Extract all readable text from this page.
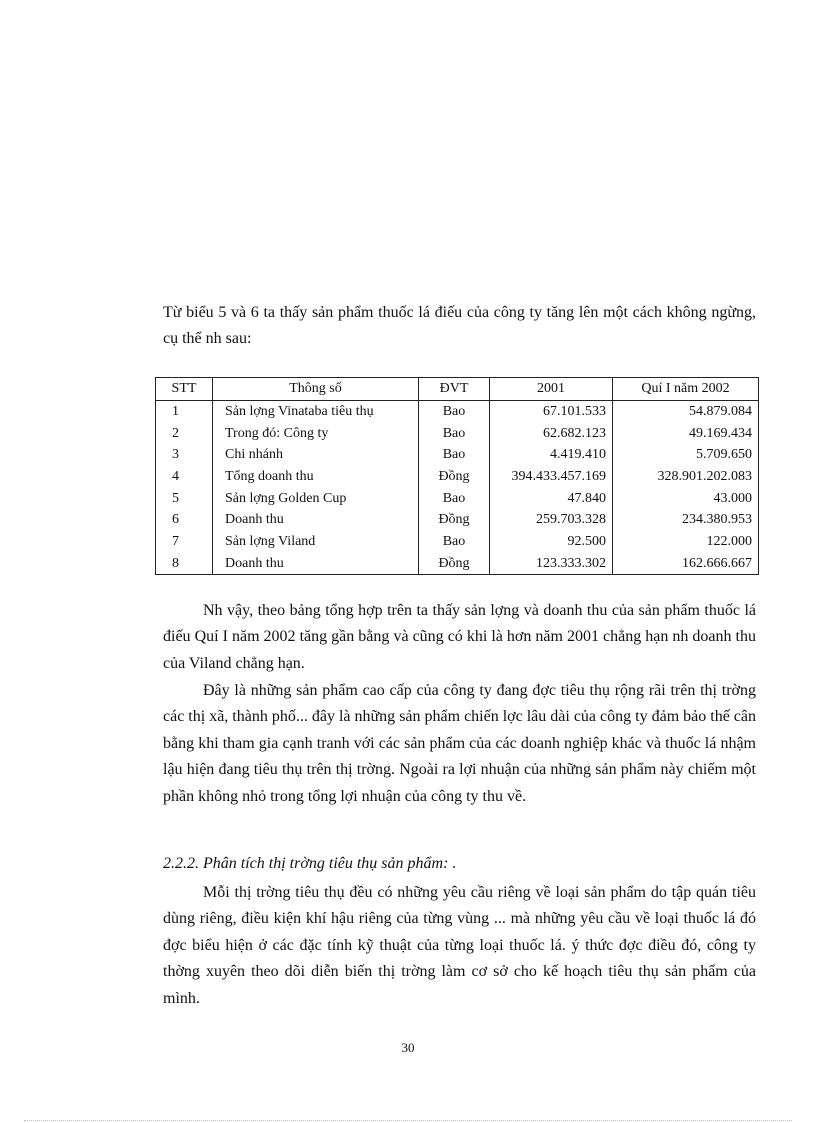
Từ biểu 5 và 6 ta thấy sản phẩm thuốc lá điếu của công ty tăng lên một cách không ngừng, cụ thể nh sau:

STT	Thông số	ĐVT	2001	Quí I năm 2002
1	Sản lợng Vinataba tiêu thụ	Bao	67.101.533	54.879.084
2	Trong đó: Công ty	Bao	62.682.123	49.169.434
3	Chi nhánh	Bao	4.419.410	5.709.650
4	Tổng doanh thu	Đồng	394.433.457.169	328.901.202.083
5	Sản lợng Golden Cup	Bao	47.840	43.000
6	Doanh thu	Đồng	259.703.328	234.380.953
7	Sản lợng Viland	Bao	92.500	122.000
8	Doanh thu	Đồng	123.333.302	162.666.667

Nh vậy, theo bảng tổng hợp trên ta thấy sản lợng và doanh thu của sản phẩm thuốc lá điếu Quí I năm 2002 tăng gần bằng và cũng có khi là hơn năm 2001 chẳng hạn nh doanh thu của Viland chẳng hạn.

Đây là những sản phẩm cao cấp của công ty đang đợc tiêu thụ rộng rãi trên thị trờng các thị xã, thành phố... đây là những sản phẩm chiến lợc lâu dài của công ty đảm bảo thế cân bằng khi tham gia cạnh tranh với các sản phẩm của các doanh nghiệp khác và thuốc lá nhậm lậu hiện đang tiêu thụ trên thị trờng. Ngoài ra lợi nhuận của những sản phẩm này chiếm một phần không nhỏ trong tổng lợi nhuận của công ty thu về.

2.2.2. Phân tích thị trờng tiêu thụ sản phẩm: .

Mỗi thị trờng tiêu thụ đều có những yêu cầu riêng về loại sản phẩm do tập quán tiêu dùng riêng, điều kiện khí hậu riêng của từng vùng ... mà những yêu cầu về loại thuốc lá đó đợc biểu hiện ở các đặc tính kỹ thuật của từng loại thuốc lá. ý thức đợc điều đó, công ty thờng xuyên theo dõi diễn biến thị trờng làm cơ sở cho kế hoạch tiêu thụ sản phẩm của mình.

30
